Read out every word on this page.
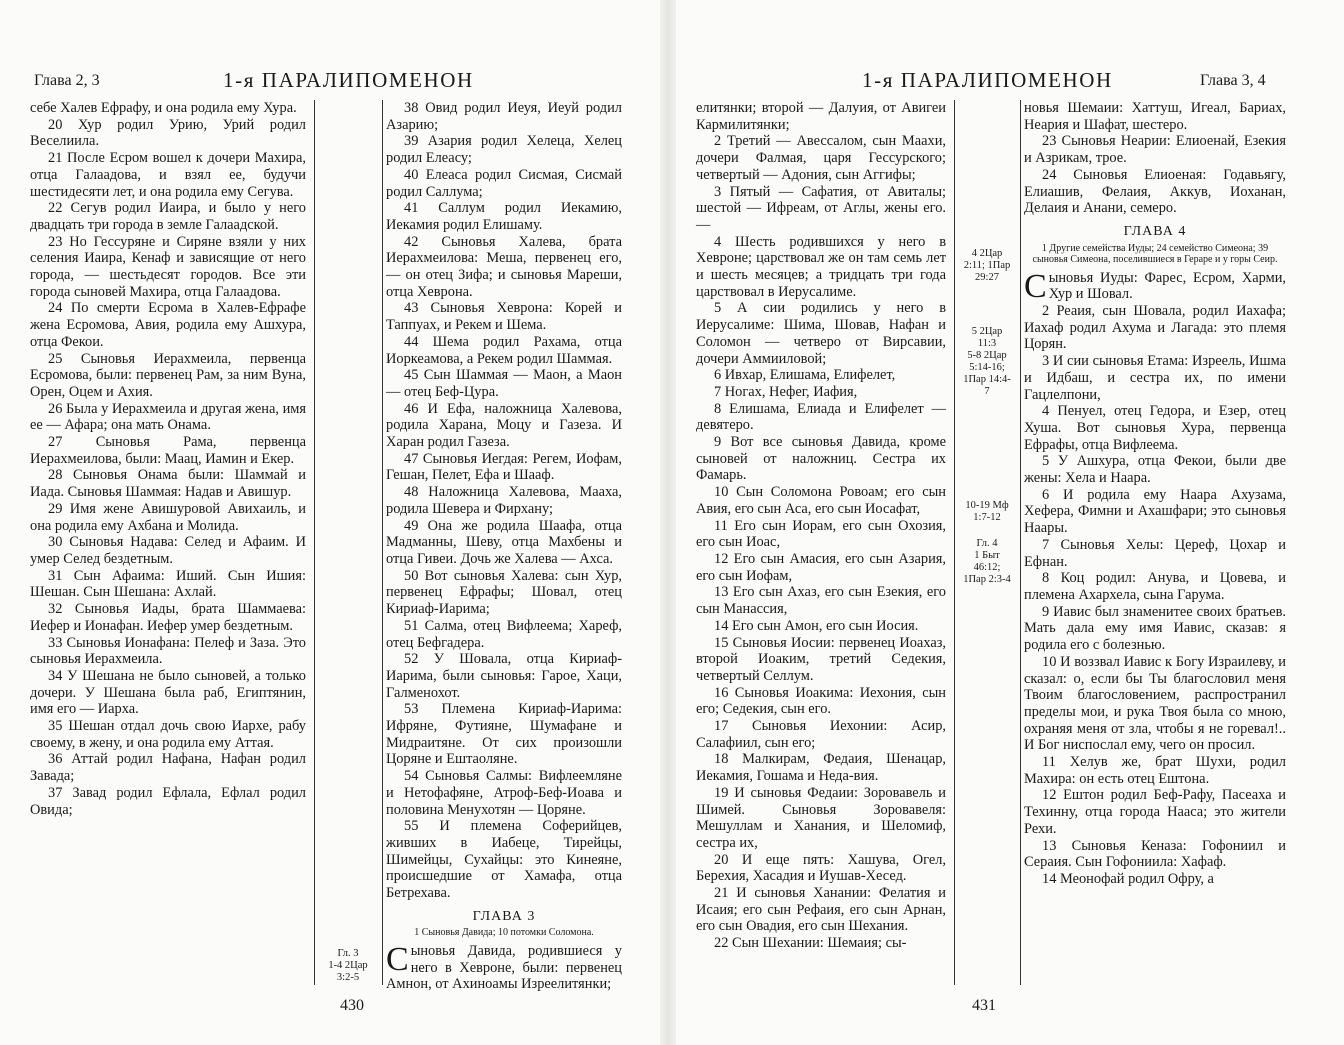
Глава 2, 3	1-я ПАРАЛИПОМЕНОН

себе Халев Ефрафу, и она родила ему Хура.

20 Хур родил Урию, Урий родил Веселиила.

21 После Есром вошел к дочери Махира, отца Галаадова, и взял ее, будучи шестидесяти лет, и она родила ему Сегува.

22 Сегув родил Иаира, и было у него двадцать три города в земле Галаадской.

23 Но Гессуряне и Сиряне взяли у них селения Иаира, Кенаф и зависящие от него города, — шестьдесят городов. Все эти города сыновей Махира, отца Галаадова.

24 По смерти Есрома в Халев-Ефрафе жена Есромова, Авия, родила ему Ашхура, отца Фекои.

25 Сыновья Иерахмеила, первенца Есромова, были: первенец Рам, за ним Вуна, Орен, Оцем и Ахия.

26 Была у Иерахмеила и другая жена, имя ее — Афара; она мать Онама.

27 Сыновья Рама, первенца Иерахмеилова, были: Маац, Иамин и Екер.

28 Сыновья Онама были: Шаммай и Иада. Сыновья Шаммая: Надав и Авишур.

29 Имя жене Авишуровой Авихаиль, и она родила ему Ахбана и Молида.

30 Сыновья Надава: Селед и Афаим. И умер Селед бездетным.

31 Сын Афаима: Иший. Сын Ишия: Шешан. Сын Шешана: Ахлай.

32 Сыновья Иады, брата Шаммаева: Иефер и Ионафан. Иефер умер бездетным.

33 Сыновья Ионафана: Пелеф и Заза. Это сыновья Иерахмеила.

34 У Шешана не было сыновей, а только дочери. У Шешана была раб, Египтянин, имя его — Иарха.

35 Шешан отдал дочь свою Иархе, рабу своему, в жену, и она родила ему Аттая.

36 Аттай родил Нафана, Нафан родил Завада;

37 Завад родил Ефлала, Ефлал родил Овида;

Гл. 3
1-4 2Цар
3:2-5

38 Овид родил Иеуя, Иеуй родил Азарию;

39 Азария родил Хелеца, Хелец родил Елеасу;

40 Елеаса родил Сисмая, Сисмай родил Саллума;

41 Саллум родил Иекамию, Иекамия родил Елишаму.

42 Сыновья Халева, брата Иерахмеилова: Меша, первенец его, — он отец Зифа; и сыновья Мареши, отца Хеврона.

43 Сыновья Хеврона: Корей и Таппуах, и Рекем и Шема.

44 Шема родил Рахама, отца Иоркеамова, а Рекем родил Шаммая.

45 Сын Шаммая — Маон, а Маон — отец Беф-Цура.

46 И Ефа, наложница Халевова, родила Харана, Моцу и Газеза. И Харан родил Газеза.

47 Сыновья Иегдая: Регем, Иофам, Гешан, Пелет, Ефа и Шааф.

48 Наложница Халевова, Мааха, родила Шевера и Фирхану;

49 Она же родила Шаафа, отца Мадманны, Шеву, отца Махбены и отца Гивеи. Дочь же Халева — Ахса.

50 Вот сыновья Халева: сын Хур, первенец Ефрафы; Шовал, отец Кириаф-Иарима;

51 Салма, отец Вифлеема; Хареф, отец Бефгадера.

52 У Шовала, отца Кириаф-Иарима, были сыновья: Гарое, Хаци, Галменохот.

53 Племена Кириаф-Иарима: Ифряне, Футияне, Шумафане и Мидраитяне. От сих произошли Цоряне и Ештаоляне.

54 Сыновья Салмы: Вифлеемляне и Нетофафяне, Атроф-Беф-Иоава и половина Менухотян — Цоряне.

55 И племена Соферийцев, живших в Иабеце, Тирейцы, Шимейцы, Сухайцы: это Кинеяне, происшедшие от Хамафа, отца Бетрехава.

ГЛАВА 3
1 Сыновья Давида; 10 потомки Соломона.

Сыновья Давида, родившиеся у него в Хевроне, были: первенец Амнон, от Ахиноамы Изреелитянки;

430
1-я ПАРАЛИПОМЕНОН	Глава 3, 4

елитянки; второй — Далуия, от Авигеи Кармилитянки;

2 Третий — Авессалом, сын Маахи, дочери Фалмая, царя Гессурского; четвертый — Адония, сын Аггифы;

3 Пятый — Сафатия, от Авиталы; шестой — Ифреам, от Аглы, жены его. —

4 Шесть родившихся у него в Хевроне; царствовал же он там семь лет и шесть месяцев; а тридцать три года царствовал в Иерусалиме.

5 А сии родились у него в Иерусалиме: Шима, Шовав, Нафан и Соломон — четверо от Вирсавии, дочери Аммииловой;

6 Ивхар, Елишама, Елифелет,

7 Ногах, Нефег, Иафия,

8 Елишама, Елиада и Елифелет — девятеро.

9 Вот все сыновья Давида, кроме сыновей от наложниц. Сестра их Фамарь.

10 Сын Соломона Ровоам; его сын Авия, его сын Аса, его сын Иосафат,

11 Его сын Иорам, его сын Охозия, его сын Иоас,

12 Его сын Амасия, его сын Азария, его сын Иофам,

13 Его сын Ахаз, его сын Езекия, его сын Манассия,

14 Его сын Амон, его сын Иосия.

15 Сыновья Иосии: первенец Иоахаз, второй Иоаким, третий Седекия, четвертый Селлум.

16 Сыновья Иоакима: Иехония, сын его; Седекия, сын его.

17 Сыновья Иехонии: Асир, Салафиил, сын его;

18 Малкирам, Федаия, Шенацар, Иекамия, Гошама и Неда-вия.

19 И сыновья Федаии: Зоровавель и Шимей. Сыновья Зоровавеля: Мешуллам и Ханания, и Шеломиф, сестра их,

20 И еще пять: Хашува, Огел, Берехия, Хасадия и Иушав-Хесед.

21 И сыновья Ханании: Фелатия и Исаия; его сын Рефаия, его сын Арнан, его сын Овадия, его сын Шехания.

22 Сын Шехании: Шемаия; сы-

4 2Цар
2:11; 1Пар
29:27
5 2Цар
11:3
5-8 2Цар
5:14-16;
1Пар 14:4-
7
10-19 Мф
1:7-12
Гл. 4
1 Быт
46:12;
1Пар 2:3-4

новья Шемаии: Хаттуш, Игеал, Бариах, Неария и Шафат, шестеро.

23 Сыновья Неарии: Елиоенай, Езекия и Азрикам, трое.

24 Сыновья Елиоеная: Годавьягу, Елиашив, Фелаия, Аккув, Иоханан, Делаия и Анани, семеро.

ГЛАВА 4
1 Другие семейства Иуды; 24 семейство Симеона; 39 сыновья Симеона, поселившиеся в Гераре и у горы Сеир.

Сыновья Иуды: Фарес, Есром, Харми, Хур и Шовал.

2 Реаия, сын Шовала, родил Иахафа; Иахаф родил Ахума и Лагада: это племя Цорян.

3 И сии сыновья Етама: Изреель, Ишма и Идбаш, и сестра их, по имени Гацлелпони,

4 Пенуел, отец Гедора, и Езер, отец Хуша. Вот сыновья Хура, первенца Ефрафы, отца Вифлеема.

5 У Ашхура, отца Фекои, были две жены: Хела и Наара.

6 И родила ему Наара Ахузама, Хефера, Фимни и Ахашфари; это сыновья Наары.

7 Сыновья Хелы: Цереф, Цохар и Ефнан.

8 Коц родил: Анува, и Цовева, и племена Ахархела, сына Гарума.

9 Иавис был знаменитее своих братьев. Мать дала ему имя Иавис, сказав: я родила его с болезнью.

10 И воззвал Иавис к Богу Израилеву, и сказал: о, если бы Ты благословил меня Твоим благословением, распространил пределы мои, и рука Твоя была со мною, охраняя меня от зла, чтобы я не горевал!.. И Бог ниспослал ему, чего он просил.

11 Хелув же, брат Шухи, родил Махира: он есть отец Ештона.

12 Ештон родил Беф-Рафу, Пасеаха и Техинну, отца города Нааса; это жители Рехи.

13 Сыновья Кеназа: Гофониил и Сераия. Сын Гофониила: Хафаф.

14 Меонофай родил Офру, а

431
